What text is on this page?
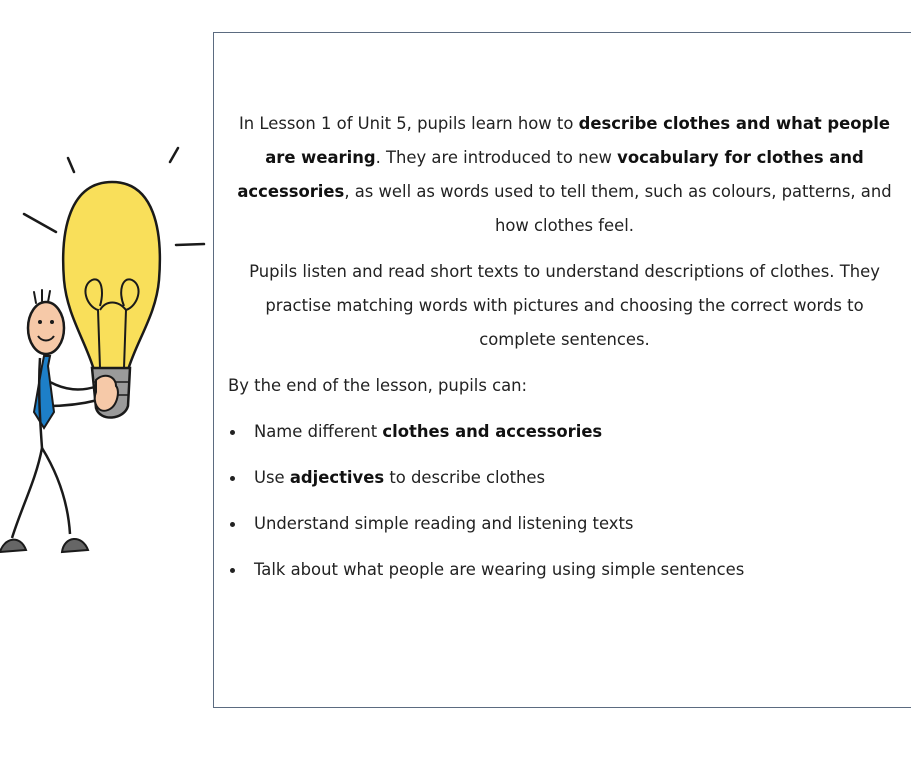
In Lesson 1 of Unit 5, pupils learn how to describe clothes and what people are wearing. They are introduced to new vocabulary for clothes and accessories, as well as words used to tell them, such as colours, patterns, and how clothes feel.

Pupils listen and read short texts to understand descriptions of clothes. They practise matching words with pictures and choosing the correct words to complete sentences.

By the end of the lesson, pupils can:

Name different clothes and accessories
Use adjectives to describe clothes
Understand simple reading and listening texts
Talk about what people are wearing using simple sentences
